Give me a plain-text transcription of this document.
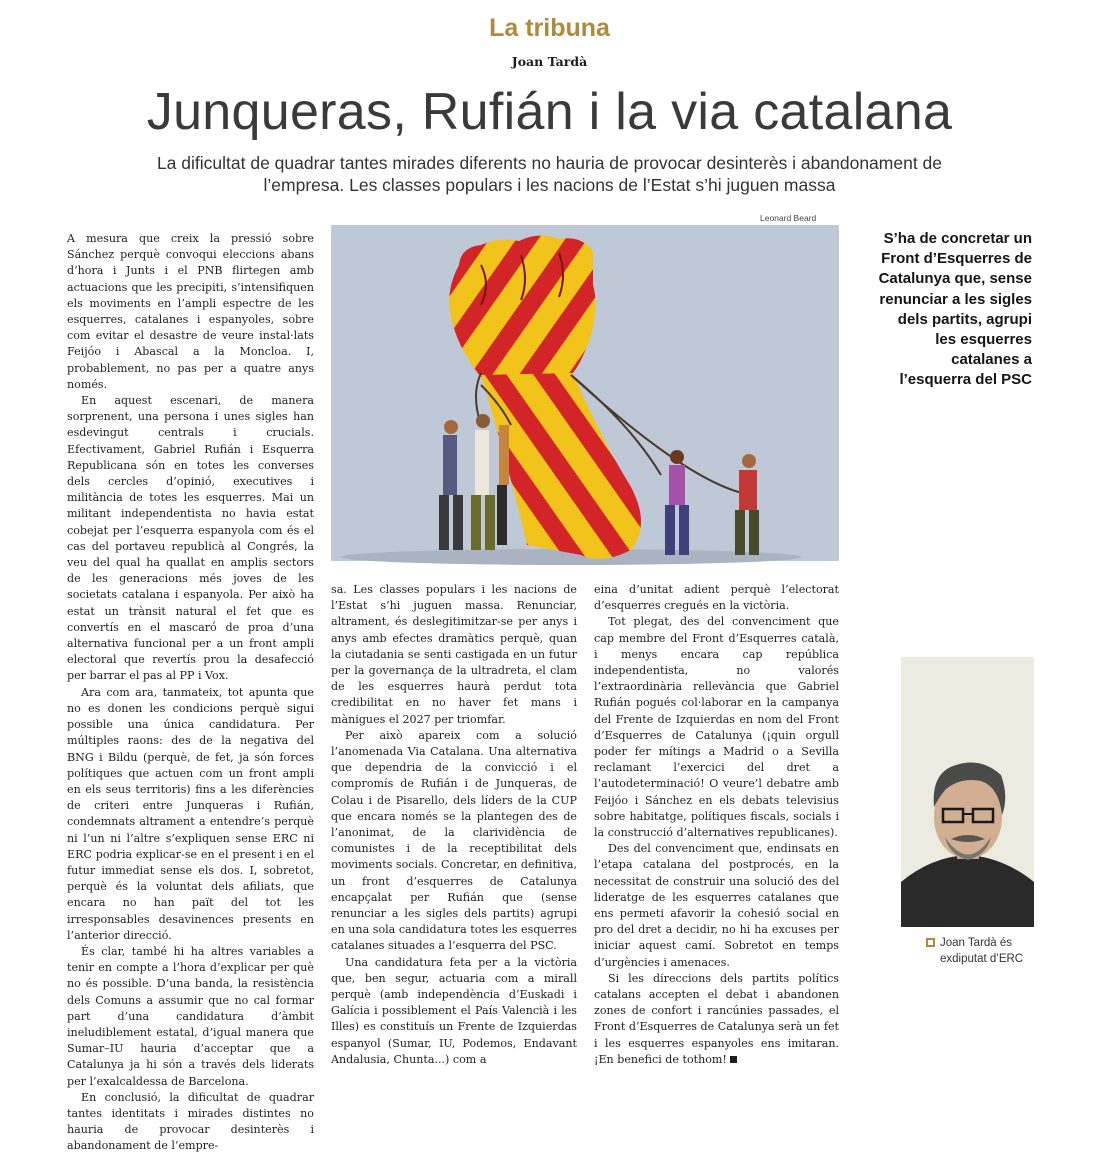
La tribuna
Joan Tardà
Junqueras, Rufián i la via catalana
La dificultat de quadrar tantes mirades diferents no hauria de provocar desinterès i abandonament de l’empresa. Les classes populars i les nacions de l’Estat s’hi juguen massa
Leonard Beard

A mesura que creix la pressió sobre Sánchez perquè convoqui eleccions abans d’hora i Junts i el PNB flirtegen amb actuacions que les precipiti, s’intensifiquen els moviments en l’ampli espectre de les esquerres, catalanes i espanyoles, sobre com evitar el desastre de veure instal·lats Feijóo i Abascal a la Moncloa. I, probablement, no pas per a quatre anys només.

En aquest escenari, de manera sorprenent, una persona i unes sigles han esdevingut centrals i crucials. Efectivament, Gabriel Rufián i Esquerra Republicana són en totes les converses dels cercles d’opinió, executives i militància de totes les esquerres. Mai un militant independentista no havia estat cobejat per l’esquerra espanyola com és el cas del portaveu republicà al Congrés, la veu del qual ha quallat en amplis sectors de les generacions més joves de les societats catalana i espanyola. Per això ha estat un trànsit natural el fet que es convertís en el mascaró de proa d’una alternativa funcional per a un front ampli electoral que revertís prou la desafecció per barrar el pas al PP i Vox.

Ara com ara, tanmateix, tot apunta que no es donen les condicions perquè sigui possible una única candidatura. Per múltiples raons: des de la negativa del BNG i Bildu (perquè, de fet, ja són forces polítiques que actuen com un front ampli en els seus territoris) fins a les diferències de criteri entre Junqueras i Rufián, condemnats altrament a entendre’s perquè ni l’un ni l’altre s’expliquen sense ERC ni ERC podria explicar-se en el present i en el futur immediat sense els dos. I, sobretot, perquè és la voluntat dels afiliats, que encara no han paït del tot les irresponsables desavinences presents en l’anterior direcció.

És clar, també hi ha altres variables a tenir en compte a l’hora d’explicar per què no és possible. D’una banda, la resistència dels Comuns a assumir que no cal formar part d’una candidatura d’àmbit ineludiblement estatal, d’igual manera que Sumar–IU hauria d’acceptar que a Catalunya ja hi són a través dels liderats per l’exalcaldessa de Barcelona.

En conclusió, la dificultat de quadrar tantes identitats i mirades distintes no hauria de provocar desinterès i abandonament de l’empre-

sa. Les classes populars i les nacions de l’Estat s’hi juguen massa. Renunciar, altrament, és deslegitimitzar-se per anys i anys amb efectes dramàtics perquè, quan la ciutadania se senti castigada en un futur per la governança de la ultradreta, el clam de les esquerres haurà perdut tota credibilitat en no haver fet mans i mànigues el 2027 per triomfar.

Per això apareix com a solució l’anomenada Via Catalana. Una alternativa que dependria de la convicció i el compromís de Rufián i de Junqueras, de Colau i de Pisarello, dels líders de la CUP que encara només se la plantegen des de l’anonimat, de la clarividència de comunistes i de la receptibilitat dels moviments socials. Concretar, en definitiva, un front d’esquerres de Catalunya encapçalat per Rufián que (sense renunciar a les sigles dels partits) agrupi en una sola candidatura totes les esquerres catalanes situades a l’esquerra del PSC.

Una candidatura feta per a la victòria que, ben segur, actuaria com a mirall perquè (amb independència d’Euskadi i Galícia i possiblement el País Valencià i les Illes) es constituís un Frente de Izquierdas espanyol (Sumar, IU, Podemos, Endavant Andalusia, Chunta...) com a

eina d’unitat adient perquè l’electorat d’esquerres cregués en la victòria.

Tot plegat, des del convenciment que cap membre del Front d’Esquerres català, i menys encara cap república independentista, no valorés l’extraordinària rellevància que Gabriel Rufián pogués col·laborar en la campanya del Frente de Izquierdas en nom del Front d’Esquerres de Catalunya (¡quin orgull poder fer mítings a Madrid o a Sevilla reclamant l’exercici del dret a l’autodeterminació! O veure’l debatre amb Feijóo i Sánchez en els debats televisius sobre habitatge, polítiques fiscals, socials i la construcció d’alternatives republicanes).

Des del convenciment que, endinsats en l’etapa catalana del postprocés, en la necessitat de construir una solució des del lideratge de les esquerres catalanes que ens permeti afavorir la cohesió social en pro del dret a decidir, no hi ha excuses per iniciar aquest camí. Sobretot en temps d’urgències i amenaces.

Si les direccions dels partits polítics catalans accepten el debat i abandonen zones de confort i rancúnies passades, el Front d’Esquerres de Catalunya serà un fet i les esquerres espanyoles ens imitaran. ¡En benefici de tothom!

S’ha de concretar un Front d’Esquerres de Catalunya que, sense renunciar a les sigles dels partits, agrupi les esquerres catalanes a l’esquerra del PSC
Joan Tardà és exdiputat d’ERC
